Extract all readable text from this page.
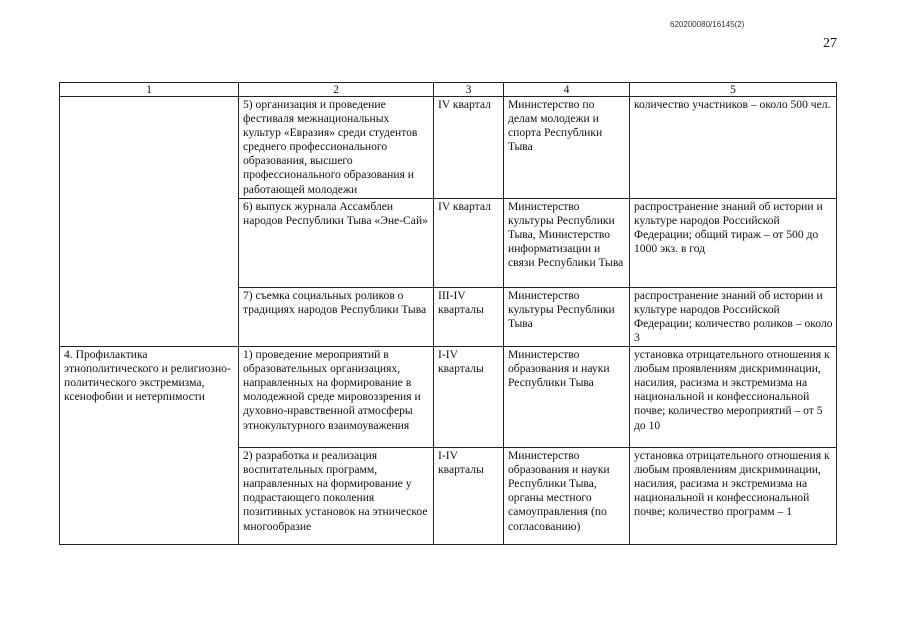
620200080/16145(2)
27
1	2	3	4	5
	5) организация и проведение фестиваля межнациональных культур «Евразия» среди студентов среднего профессионального образования, высшего профессионального образования и работающей молодежи	IV квартал	Министерство по делам молодежи и спорта Республики Тыва	количество участников – около 500 чел.
	6) выпуск журнала Ассамблеи народов Республики Тыва «Эне-Сай»	IV квартал	Министерство культуры Республики Тыва, Министерство информатизации и связи Республики Тыва	распространение знаний об истории и культуре народов Российской Федерации; общий тираж – от 500 до 1000 экз. в год
	7) съемка социальных роликов о традициях народов Республики Тыва	III-IV кварталы	Министерство культуры Республики Тыва	распространение знаний об истории и культуре народов Российской Федерации; количество роликов – около 3
4. Профилактика этнополитического и религиозно-политического экстремизма, ксенофобии и нетерпимости	1) проведение мероприятий в образовательных организациях, направленных на формирование в молодежной среде мировоззрения и духовно-нравственной атмосферы этнокультурного взаимоуважения	I-IV кварталы	Министерство образования и науки Республики Тыва	установка отрицательного отношения к любым проявлениям дискриминации, насилия, расизма и экстремизма на национальной и конфессиональной почве; количество мероприятий – от 5 до 10
	2) разработка и реализация воспитательных программ, направленных на формирование у подрастающего поколения позитивных установок на этническое многообразие	I-IV кварталы	Министерство образования и науки Республики Тыва, органы местного самоуправления (по согласованию)	установка отрицательного отношения к любым проявлениям дискриминации, насилия, расизма и экстремизма на национальной и конфессиональной почве; количество программ – 1
